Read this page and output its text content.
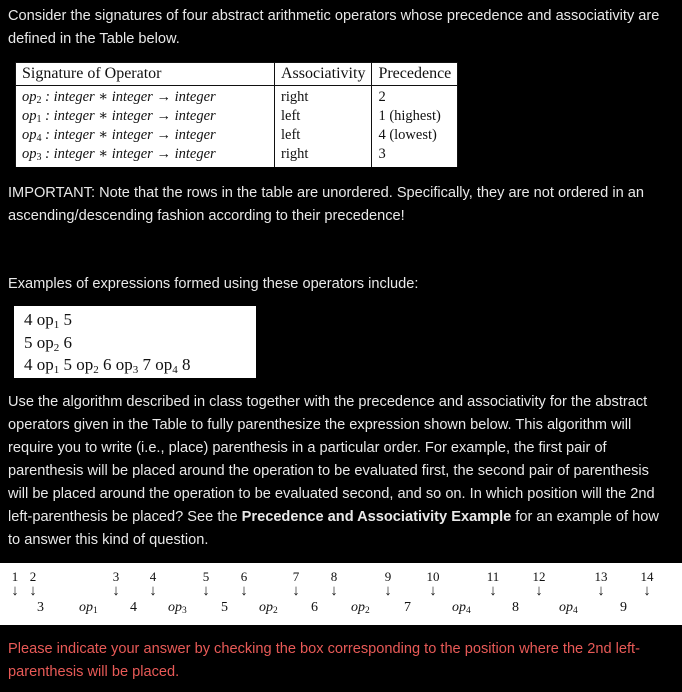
Consider the signatures of four abstract arithmetic operators whose precedence and associativity are defined in the Table below.

Signature of Operator	Associativity	Precedence
$op_2$ : integer ∗ integer → integer	right	2
$op_1$ : integer ∗ integer → integer	left	1 (highest)
$op_4$ : integer ∗ integer → integer	left	4 (lowest)
$op_3$ : integer ∗ integer → integer	right	3

IMPORTANT: Note that the rows in the table are unordered. Specifically, they are not ordered in an ascending/descending fashion according to their precedence!

Examples of expressions formed using these operators include:

4 $op_1$ 5
5 $op_2$ 6
4 $op_1$ 5 $op_2$ 6 $op_3$ 7 $op_4$ 8

Use the algorithm described in class together with the precedence and associativity for the abstract operators given in the Table to fully parenthesize the expression shown below. This algorithm will require you to write (i.e., place) parenthesis in a particular order. For example, the first pair of parenthesis will be placed around the operation to be evaluated first, the second pair of parenthesis will be placed around the operation to be evaluated second, and so on. In which position will the 2nd left-parenthesis be placed? See the Precedence and Associativity Example for an example of how to answer this kind of question.

1
↓
2
↓
3
↓
4
↓
5
↓
6
↓
7
↓
8
↓
9
↓
10
↓
11
↓
12
↓
13
↓
14
↓
3	$op_1$ 4 $op_3$ 5 $op_2$ 6 $op_2$ 7	$op_4$	8	$op_4$	9

Please indicate your answer by checking the box corresponding to the position where the 2nd left-parenthesis will be placed.
